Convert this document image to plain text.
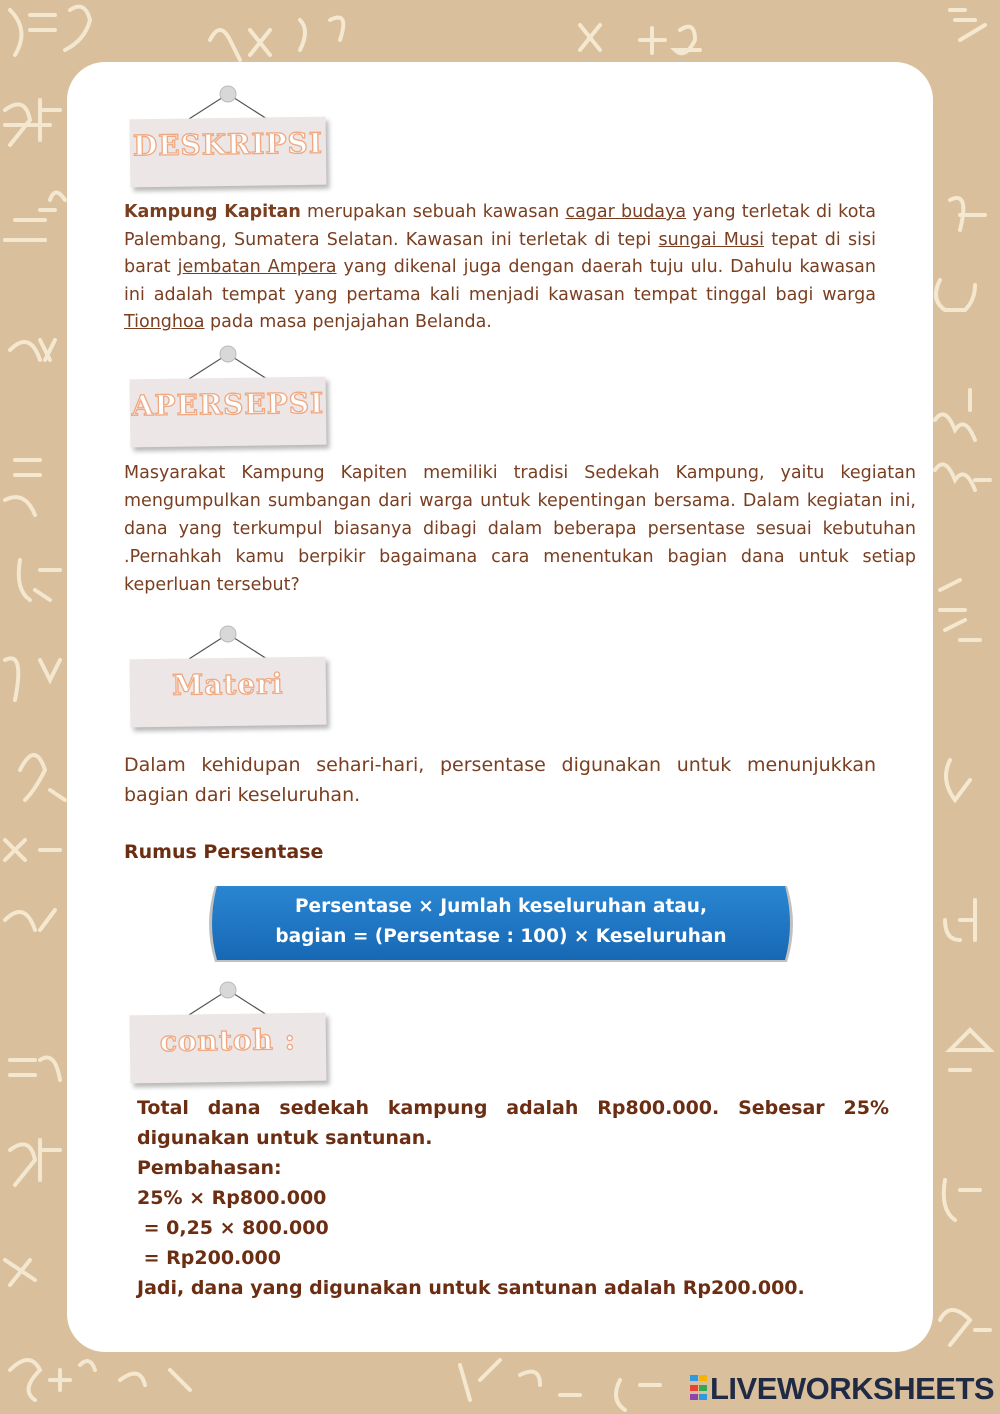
DESKRIPSI

Kampung Kapitan merupakan sebuah kawasan cagar budaya yang terletak di kota Palembang, Sumatera Selatan. Kawasan ini terletak di tepi sungai Musi tepat di sisi barat jembatan Ampera yang dikenal juga dengan daerah tuju ulu. Dahulu kawasan ini adalah tempat yang pertama kali menjadi kawasan tempat tinggal bagi warga Tionghoa pada masa penjajahan Belanda.

APERSEPSI

Masyarakat Kampung Kapiten memiliki tradisi Sedekah Kampung, yaitu kegiatan mengumpulkan sumbangan dari warga untuk kepentingan bersama. Dalam kegiatan ini, dana yang terkumpul biasanya dibagi dalam beberapa persentase sesuai kebutuhan .Pernahkah kamu berpikir bagaimana cara menentukan bagian dana untuk setiap keperluan tersebut?

Materi

Dalam kehidupan sehari-hari, persentase digunakan untuk menunjukkan bagian dari keseluruhan.

Rumus Persentase
Persentase × Jumlah keseluruhan atau,
bagian = (Persentase : 100) × Keseluruhan
contoh :
Total dana sedekah kampung adalah Rp800.000. Sebesar 25% digunakan untuk santunan.
Pembahasan:
25% × Rp800.000
= 0,25 × 800.000
= Rp200.000
Jadi, dana yang digunakan untuk santunan adalah Rp200.000.
LIVEWORKSHEETS
